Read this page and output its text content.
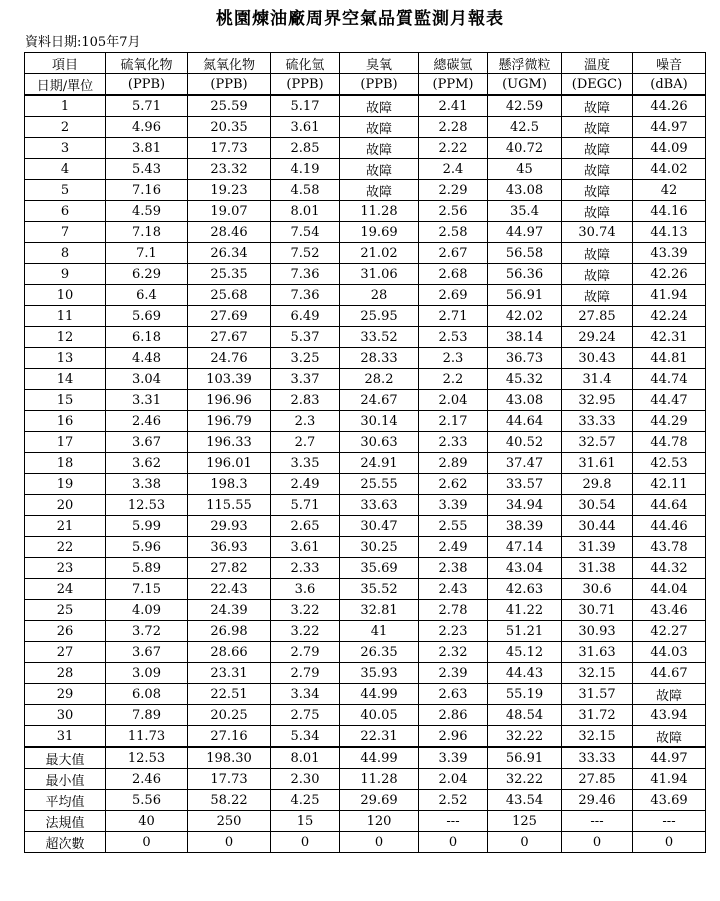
桃園煉油廠周界空氣品質監測月報表
資料日期:105年7月
項目	硫氧化物	氮氧化物	硫化氫	臭氧	總碳氫	懸浮微粒	溫度	噪音
日期/單位	(PPB)	(PPB)	(PPB)	(PPB)	(PPM)	(UGM)	(DEGC)	(dBA)
1	5.71	25.59	5.17	故障	2.41	42.59	故障	44.26
2	4.96	20.35	3.61	故障	2.28	42.5	故障	44.97
3	3.81	17.73	2.85	故障	2.22	40.72	故障	44.09
4	5.43	23.32	4.19	故障	2.4	45	故障	44.02
5	7.16	19.23	4.58	故障	2.29	43.08	故障	42
6	4.59	19.07	8.01	11.28	2.56	35.4	故障	44.16
7	7.18	28.46	7.54	19.69	2.58	44.97	30.74	44.13
8	7.1	26.34	7.52	21.02	2.67	56.58	故障	43.39
9	6.29	25.35	7.36	31.06	2.68	56.36	故障	42.26
10	6.4	25.68	7.36	28	2.69	56.91	故障	41.94
11	5.69	27.69	6.49	25.95	2.71	42.02	27.85	42.24
12	6.18	27.67	5.37	33.52	2.53	38.14	29.24	42.31
13	4.48	24.76	3.25	28.33	2.3	36.73	30.43	44.81
14	3.04	103.39	3.37	28.2	2.2	45.32	31.4	44.74
15	3.31	196.96	2.83	24.67	2.04	43.08	32.95	44.47
16	2.46	196.79	2.3	30.14	2.17	44.64	33.33	44.29
17	3.67	196.33	2.7	30.63	2.33	40.52	32.57	44.78
18	3.62	196.01	3.35	24.91	2.89	37.47	31.61	42.53
19	3.38	198.3	2.49	25.55	2.62	33.57	29.8	42.11
20	12.53	115.55	5.71	33.63	3.39	34.94	30.54	44.64
21	5.99	29.93	2.65	30.47	2.55	38.39	30.44	44.46
22	5.96	36.93	3.61	30.25	2.49	47.14	31.39	43.78
23	5.89	27.82	2.33	35.69	2.38	43.04	31.38	44.32
24	7.15	22.43	3.6	35.52	2.43	42.63	30.6	44.04
25	4.09	24.39	3.22	32.81	2.78	41.22	30.71	43.46
26	3.72	26.98	3.22	41	2.23	51.21	30.93	42.27
27	3.67	28.66	2.79	26.35	2.32	45.12	31.63	44.03
28	3.09	23.31	2.79	35.93	2.39	44.43	32.15	44.67
29	6.08	22.51	3.34	44.99	2.63	55.19	31.57	故障
30	7.89	20.25	2.75	40.05	2.86	48.54	31.72	43.94
31	11.73	27.16	5.34	22.31	2.96	32.22	32.15	故障
最大值	12.53	198.30	8.01	44.99	3.39	56.91	33.33	44.97
最小值	2.46	17.73	2.30	11.28	2.04	32.22	27.85	41.94
平均值	5.56	58.22	4.25	29.69	2.52	43.54	29.46	43.69
法規值	40	250	15	120	---	125	---	---
超次數	0	0	0	0	0	0	0	0
